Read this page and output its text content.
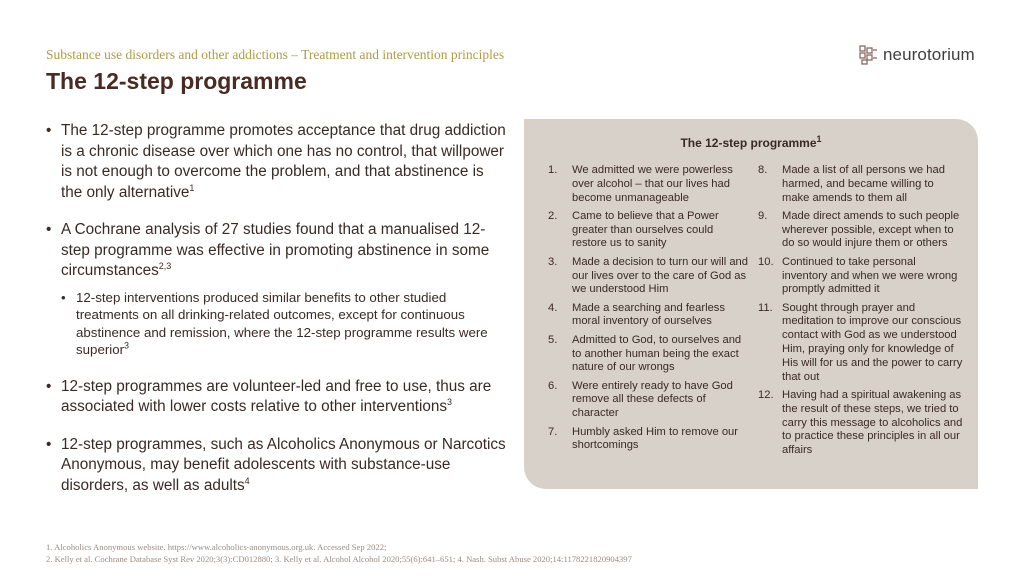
Substance use disorders and other addictions – Treatment and intervention principles
The 12-step programme
neurotorium
• The 12-step programme promotes acceptance that drug addiction is a chronic disease over which one has no control, that willpower is not enough to overcome the problem, and that abstinence is the only alternative$^1$
• A Cochrane analysis of 27 studies found that a manualised 12-step programme was effective in promoting abstinence in some circumstances$^{2,3}$
• 12-step interventions produced similar benefits to other studied treatments on all drinking-related outcomes, except for continuous abstinence and remission, where the 12-step programme results were superior$^3$
• 12-step programmes are volunteer-led and free to use, thus are associated with lower costs relative to other interventions$^3$
• 12-step programmes, such as Alcoholics Anonymous or Narcotics Anonymous, may benefit adolescents with substance-use disorders, as well as adults$^4$
The 12-step programme$^1$
1. We admitted we were powerless over alcohol – that our lives had become unmanageable
2. Came to believe that a Power greater than ourselves could restore us to sanity
3. Made a decision to turn our will and our lives over to the care of God as we understood Him
4. Made a searching and fearless moral inventory of ourselves
5. Admitted to God, to ourselves and to another human being the exact nature of our wrongs
6. Were entirely ready to have God remove all these defects of character
7. Humbly asked Him to remove our shortcomings
8. Made a list of all persons we had harmed, and became willing to make amends to them all
9. Made direct amends to such people wherever possible, except when to do so would injure them or others
10. Continued to take personal inventory and when we were wrong promptly admitted it
11. Sought through prayer and meditation to improve our conscious contact with God as we understood Him, praying only for knowledge of His will for us and the power to carry that out
12. Having had a spiritual awakening as the result of these steps, we tried to carry this message to alcoholics and to practice these principles in all our affairs
1. Alcoholics Anonymous website. https://www.alcoholics-anonymous.org.uk. Accessed Sep 2022;
2. Kelly et al. Cochrane Database Syst Rev 2020;3(3):CD012880; 3. Kelly et al. Alcohol Alcohol 2020;55(6):641–651; 4. Nash. Subst Abuse 2020;14:1178221820904397
